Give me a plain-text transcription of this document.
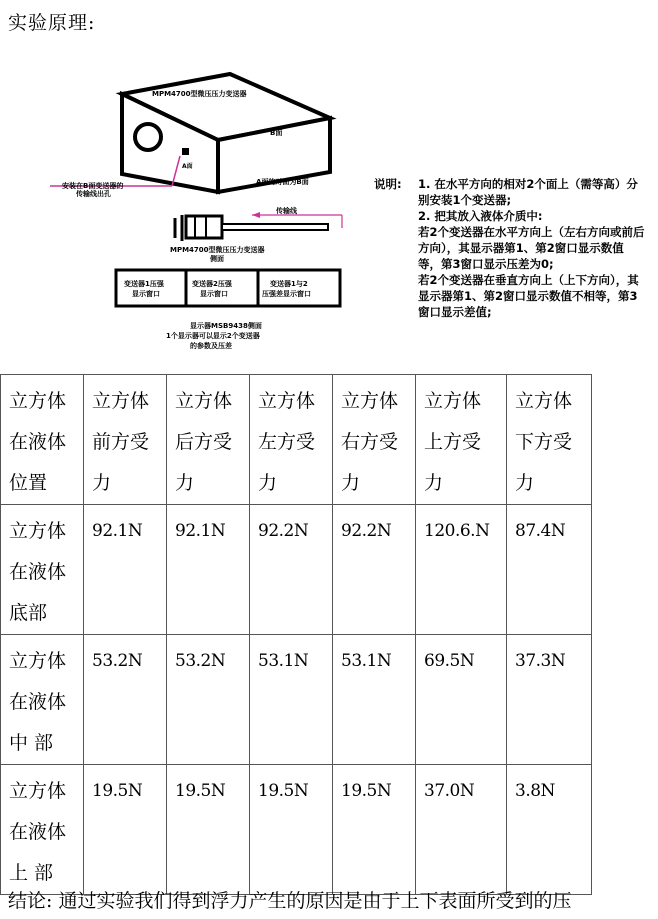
实验原理:
MPM4700型微压压力变送器
B面
A面
A面的对面为B面
安装在B面变送器的
传输线出孔
传输线
MPM4700型微压压力变送器
侧面
变送器1压强
显示窗口
变送器2压强
显示窗口
变送器1与2
压强差显示窗口
显示器MSB9438侧面
1个显示器可以显示2个变送器
的参数及压差
说明:	1. 在水平方向的相对2个面上（需等高）分别安装1个变送器;

2. 把其放入液体介质中:

若2个变送器在水平方向上（左右方向或前后方向），其显示器第1、第2窗口显示数值等，第3窗口显示压差为0;

若2个变送器在垂直方向上（上下方向），其显示器第1、第2窗口显示数值不相等，第3窗口显示差值;

立方体
在液体
位置	立方体
前方受
力	立方体
后方受
力	立方体
左方受
力	立方体
右方受
力	立方体
上方受
力	立方体
下方受
力
立方体
在液体
底部	92.1N	92.1N	92.2N	92.2N	120.6.N	87.4N
立方体
在液体
中 部	53.2N	53.2N	53.1N	53.1N	69.5N	37.3N
立方体
在液体
上 部	19.5N	19.5N	19.5N	19.5N	37.0N	3.8N

结论: 通过实验我们得到浮力产生的原因是由于上下表面所受到的压
